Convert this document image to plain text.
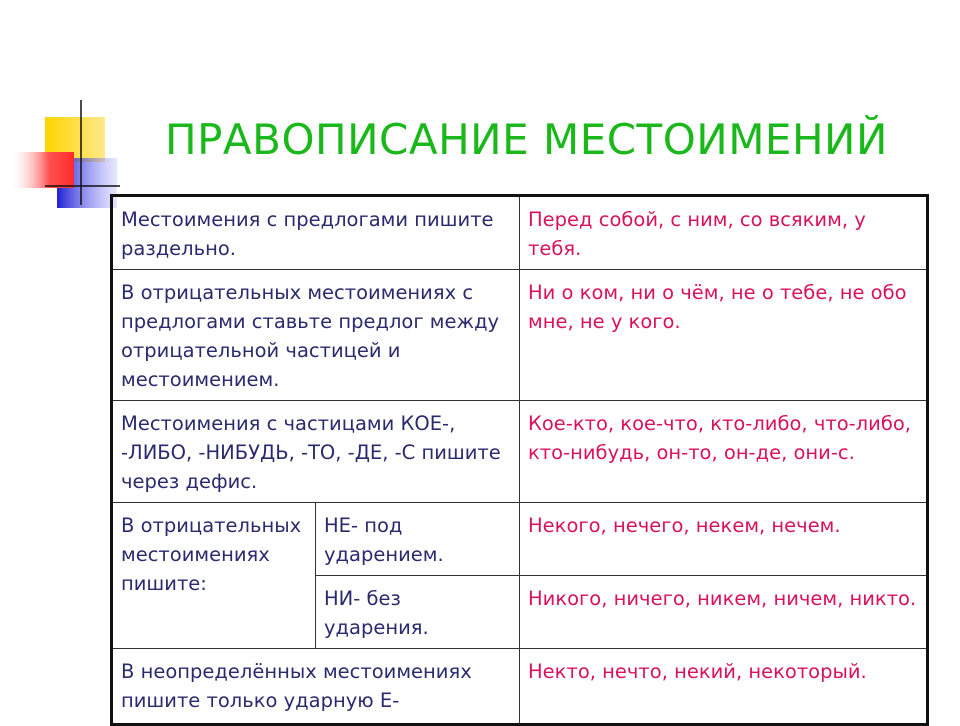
ПРАВОПИСАНИЕ МЕСТОИМЕНИЙ
Местоимения с предлогами пишите раздельно.		Перед собой, с ним, со всяким, у тебя.
В отрицательных местоимениях с предлогами ставьте предлог между отрицательной частицей и местоимением.		Ни о ком, ни о чём, не о тебе, не обо мне, не у кого.
Местоимения с частицами КОЕ-, -ЛИБО, -НИБУДЬ, -ТО, -ДЕ, -С пишите через дефис.		Кое-кто, кое-что, кто-либо, что-либо, кто-нибудь, он-то, он-де, они-с.
В отрицательных местоимениях пишите:	НЕ- под ударением.	Некого, нечего, некем, нечем.
	НИ- без ударения.	Никого, ничего, никем, ничем, никто.
В неопределённых местоимениях пишите только ударную Е-		Некто, нечто, некий, некоторый.
